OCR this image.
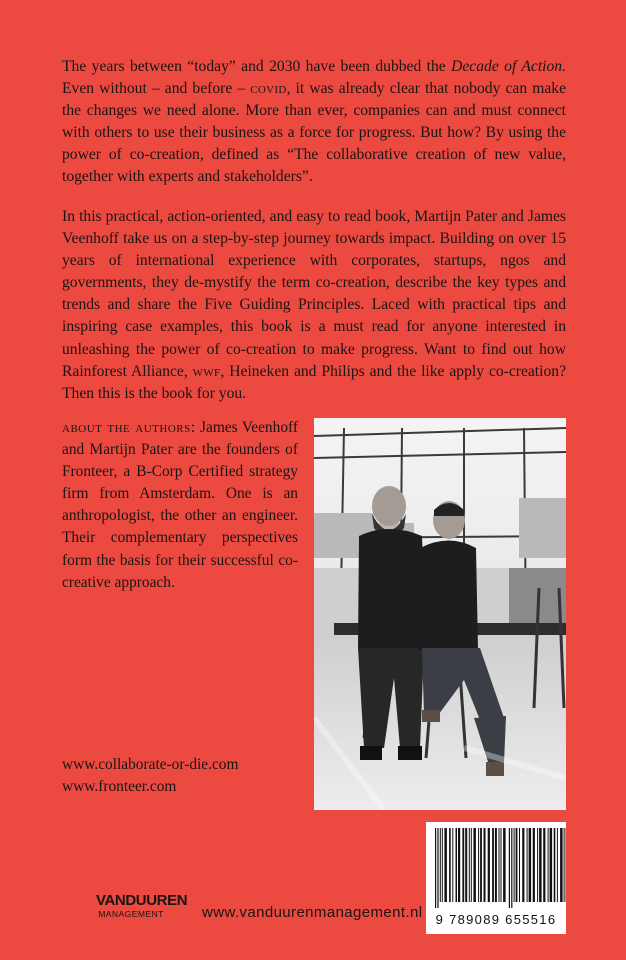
The years between “today” and 2030 have been dubbed the Decade of Action. Even without – and before – covid, it was already clear that nobody can make the changes we need alone. More than ever, companies can and must connect with others to use their business as a force for progress. But how? By using the power of co-creation, defined as “The collaborative creation of new value, together with experts and stakeholders”.

In this practical, action-oriented, and easy to read book, Martijn Pater and James Veenhoff take us on a step-by-step journey towards impact. Building on over 15 years of international experience with corporates, startups, ngos and governments, they de-mystify the term co-creation, describe the key types and trends and share the Five Guiding Principles. Laced with practical tips and inspiring case examples, this book is a must read for anyone interested in unleashing the power of co-creation to make progress. Want to find out how Rainforest Alliance, wwf, Heineken and Philips and the like apply co-creation? Then this is the book for you.

about the authors: James Veenhoff and Martijn Pater are the founders of Fronteer, a B-Corp Certified strategy firm from Amsterdam. One is an anthropologist, the other an engineer. Their complementary perspectives form the basis for their successful co-creative approach.

www.collaborate-or-die.com
www.fronteer.com
VANDUUREN
MANAGEMENT	www.vanduurenmanagement.nl	9 789089 655516
